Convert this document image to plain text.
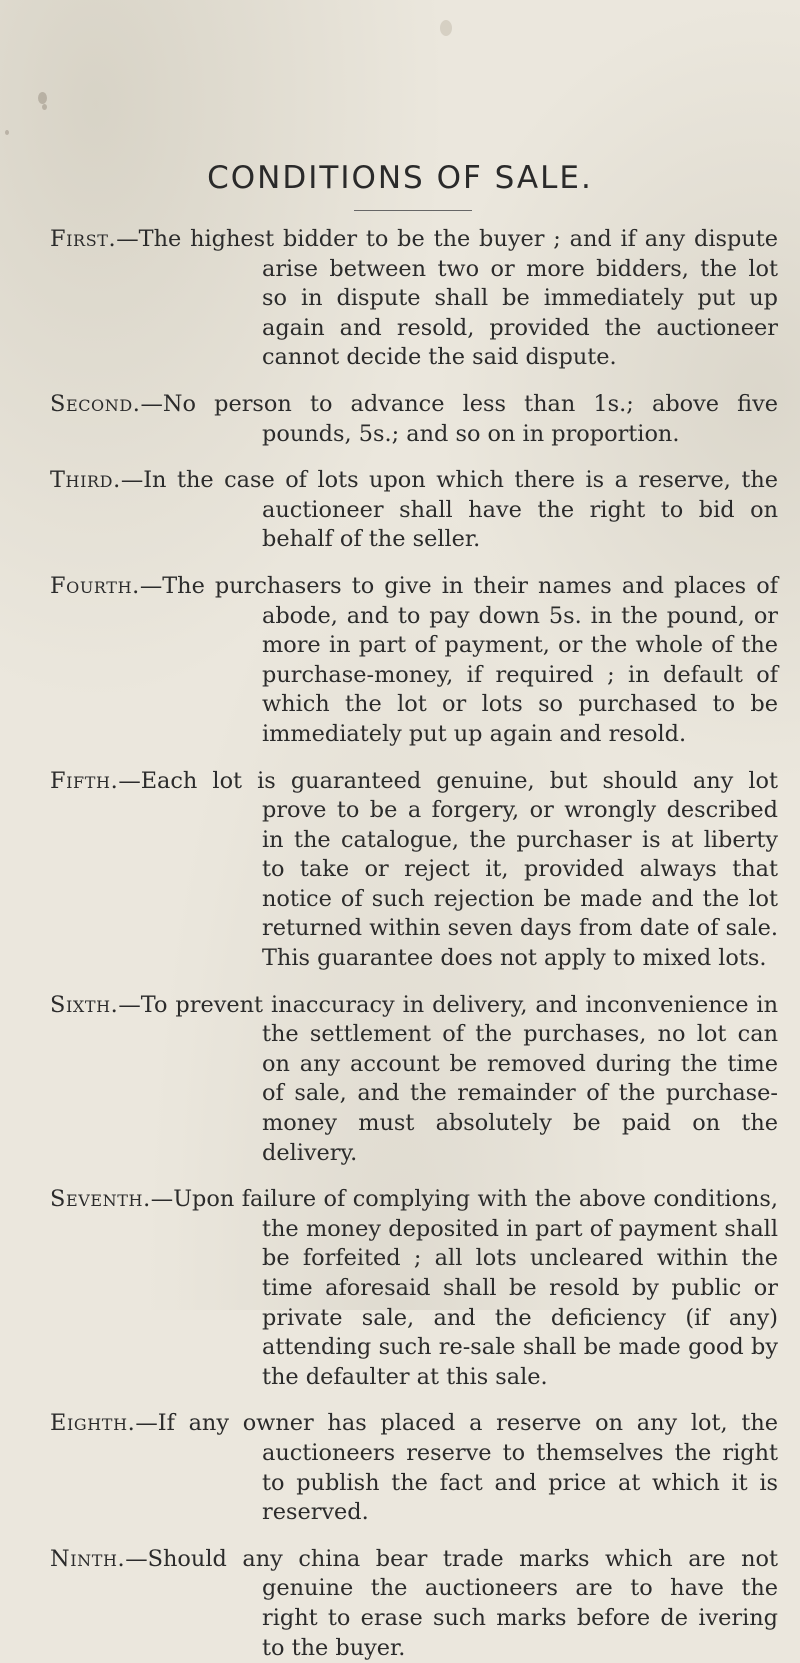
CONDITIONS OF SALE.

First.—The highest bidder to be the buyer ; and if any dispute arise between two or more bidders, the lot so in dispute shall be immediately put up again and resold, provided the auctioneer cannot decide the said dispute.

Second.—No person to advance less than 1s.; above five pounds, 5s.; and so on in proportion.

Third.—In the case of lots upon which there is a reserve, the auctioneer shall have the right to bid on behalf of the seller.

Fourth.—The purchasers to give in their names and places of abode, and to pay down 5s. in the pound, or more in part of payment, or the whole of the purchase-money, if required ; in default of which the lot or lots so purchased to be immediately put up again and resold.

Fifth.—Each lot is guaranteed genuine, but should any lot prove to be a forgery, or wrongly described in the catalogue, the purchaser is at liberty to take or reject it, provided always that notice of such rejection be made and the lot returned within seven days from date of sale. This guarantee does not apply to mixed lots.

Sixth.—To prevent inaccuracy in delivery, and inconvenience in the settlement of the purchases, no lot can on any account be removed during the time of sale, and the remainder of the purchase-money must absolutely be paid on the delivery.

Seventh.—Upon failure of complying with the above conditions, the money deposited in part of payment shall be forfeited ; all lots uncleared within the time aforesaid shall be resold by public or private sale, and the deficiency (if any) attending such re-sale shall be made good by the defaulter at this sale.

Eighth.—If any owner has placed a reserve on any lot, the auctioneers reserve to themselves the right to publish the fact and price at which it is reserved.

Ninth.—Should any china bear trade marks which are not genuine the auctioneers are to have the right to erase such marks before de ivering to the buyer.
